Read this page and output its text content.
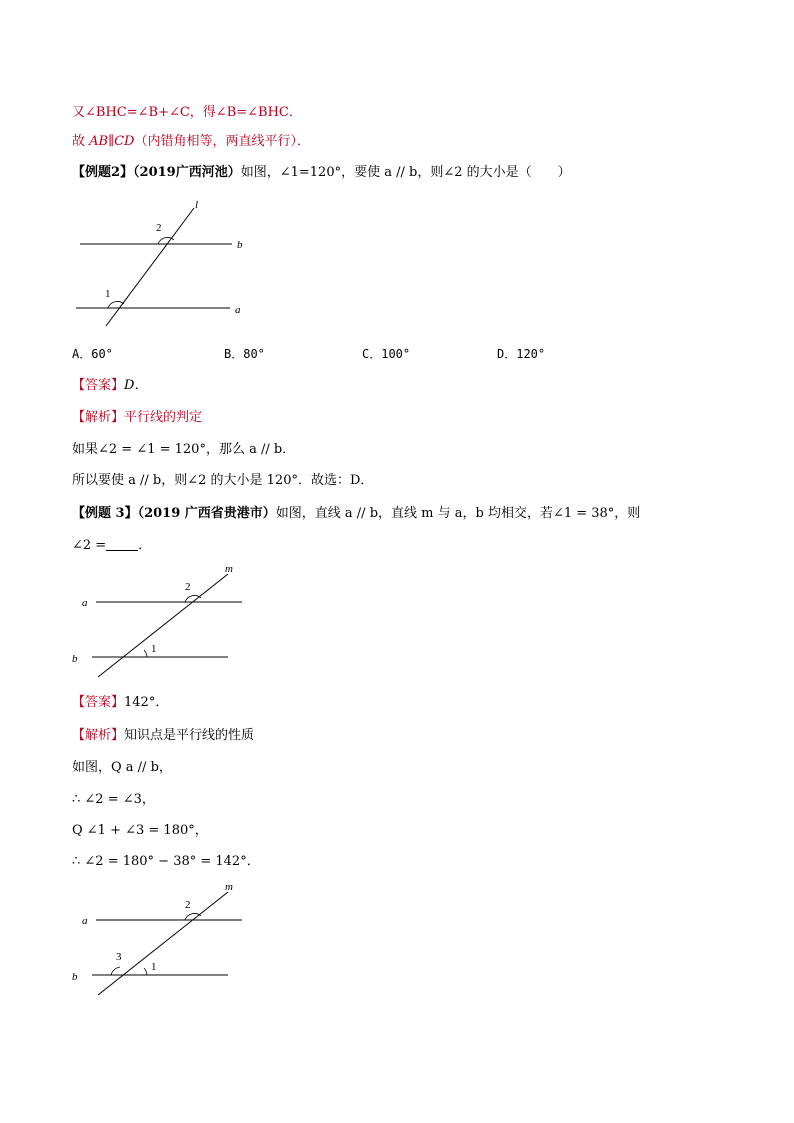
又∠BHC=∠B+∠C，得∠B=∠BHC．
故 AB∥CD（内错角相等，两直线平行）．
【例题2】（2019广西河池）如图，∠1=120°，要使 a // b，则∠2 的大小是（　　）
l
b
a
2
1
A．60°	B．80°	C．100°	D．120°
【答案】D．
【解析】平行线的判定
如果∠2 = ∠1 = 120°，那么 a // b．
所以要使 a // b，则∠2 的大小是 120°．故选：D．
【例题 3】（2019 广西省贵港市）如图，直线 a // b，直线 m 与 a，b 均相交，若∠1 = 38°，则
∠2 = ．
m
a
b
2
1
【答案】142°．
【解析】知识点是平行线的性质
如图，Q a // b，
∴ ∠2 = ∠3，
Q ∠1 + ∠3 = 180°，
∴ ∠2 = 180° − 38° = 142°．
m
a
b
2
1
3
